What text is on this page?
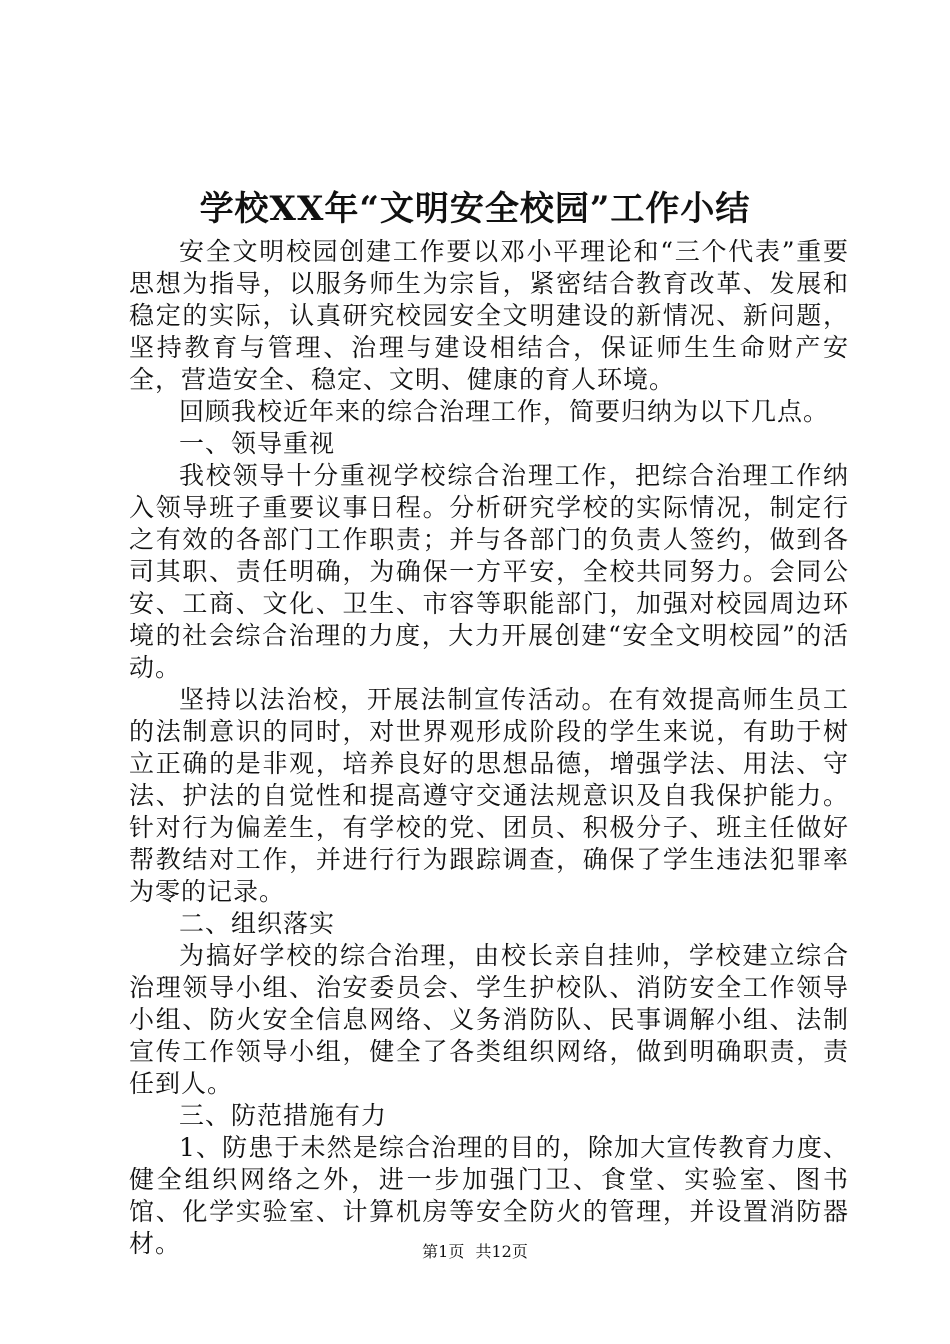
学校XX年“文明安全校园”工作小结

安全文明校园创建工作要以邓小平理论和“三个代表”重要思想为指导，以服务师生为宗旨，紧密结合教育改革、发展和稳定的实际，认真研究校园安全文明建设的新情况、新问题，坚持教育与管理、治理与建设相结合，保证师生生命财产安全，营造安全、稳定、文明、健康的育人环境。

回顾我校近年来的综合治理工作，简要归纳为以下几点。

一、领导重视

我校领导十分重视学校综合治理工作，把综合治理工作纳入领导班子重要议事日程。分析研究学校的实际情况，制定行之有效的各部门工作职责；并与各部门的负责人签约，做到各司其职、责任明确，为确保一方平安，全校共同努力。会同公安、工商、文化、卫生、市容等职能部门，加强对校园周边环境的社会综合治理的力度，大力开展创建“安全文明校园”的活动。

坚持以法治校，开展法制宣传活动。在有效提高师生员工的法制意识的同时，对世界观形成阶段的学生来说，有助于树立正确的是非观，培养良好的思想品德，增强学法、用法、守法、护法的自觉性和提高遵守交通法规意识及自我保护能力。针对行为偏差生，有学校的党、团员、积极分子、班主任做好帮教结对工作，并进行行为跟踪调查，确保了学生违法犯罪率为零的记录。

二、组织落实

为搞好学校的综合治理，由校长亲自挂帅，学校建立综合治理领导小组、治安委员会、学生护校队、消防安全工作领导小组、防火安全信息网络、义务消防队、民事调解小组、法制宣传工作领导小组，健全了各类组织网络，做到明确职责，责任到人。

三、防范措施有力

1、防患于未然是综合治理的目的，除加大宣传教育力度、健全组织网络之外，进一步加强门卫、食堂、实验室、图书馆、化学实验室、计算机房等安全防火的管理，并设置消防器材。	第1页 共12页
